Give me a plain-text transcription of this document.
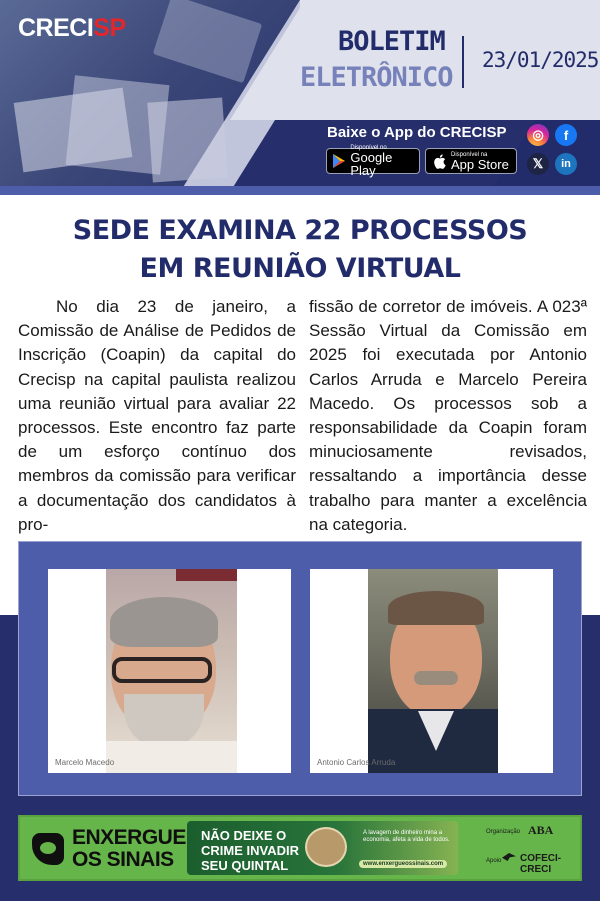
BOLETIM
ELETRÔNICO
23/01/2025
CRECISP
Baixe o App do CRECISP
Disponível no
Google Play
Disponível na
App Store
◎	f
𝕏	in
SEDE EXAMINA 22 PROCESSOS
EM REUNIÃO VIRTUAL
No dia 23 de janeiro, a Comissão de Análise de Pedidos de Inscrição (Coapin) da capital do Crecisp na capital paulista realizou uma reunião virtual para avaliar 22 processos. Este encontro faz parte de um esforço contínuo dos membros da comissão para verificar a documentação dos candidatos à pro-
fissão de corretor de imóveis. A 023ª Sessão Virtual da Comissão em 2025 foi executada por Antonio Carlos Arruda e Marcelo Pereira Macedo. Os processos sob a responsabilidade da Coapin foram minuciosamente revisados, ressaltando a importância desse trabalho para manter a excelência na categoria.
Marcelo Macedo	Antonio Carlos Arruda
ENXERGUE
OS SINAIS
NÃO DEIXE O CRIME INVADIR SEU QUINTAL
A lavagem de dinheiro mina a economia, afeta a vida de todos.
www.enxergueossinais.com
Organização ABA
Apoio COFECI-CRECI
